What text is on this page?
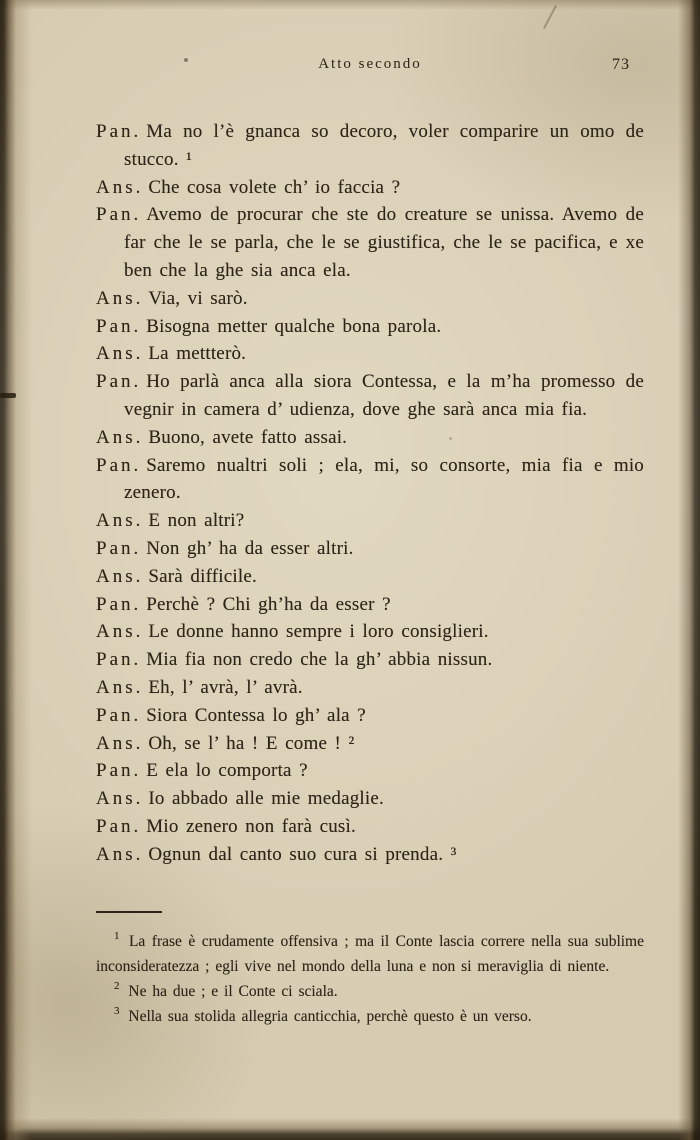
Atto secondo	73

Pan. Ma no l’è gnanca so decoro, voler comparire un omo de stucco. ¹

Ans. Che cosa volete ch’ io faccia ?

Pan. Avemo de procurar che ste do creature se unissa. Avemo de far che le se parla, che le se giustifica, che le se pacifica, e xe ben che la ghe sia anca ela.

Ans. Via, vi sarò.

Pan. Bisogna metter qualche bona parola.

Ans. La mettterò.

Pan. Ho parlà anca alla siora Contessa, e la m’ha promesso de vegnir in camera d’ udienza, dove ghe sarà anca mia fia.

Ans. Buono, avete fatto assai.

Pan. Saremo nualtri soli ; ela, mi, so consorte, mia fia e mio zenero.

Ans. E non altri?

Pan. Non gh’ ha da esser altri.

Ans. Sarà difficile.

Pan. Perchè ? Chi gh’ha da esser ?

Ans. Le donne hanno sempre i loro consiglieri.

Pan. Mia fia non credo che la gh’ abbia nissun.

Ans. Eh, l’ avrà, l’ avrà.

Pan. Siora Contessa lo gh’ ala ?

Ans. Oh, se l’ ha ! E come ! ²

Pan. E ela lo comporta ?

Ans. Io abbado alle mie medaglie.

Pan. Mio zenero non farà cusì.

Ans. Ognun dal canto suo cura si prenda. ³

$^1$ La frase è crudamente offensiva ; ma il Conte lascia correre nella sua sublime inconsideratezza ; egli vive nel mondo della luna e non si meraviglia di niente.

$^2$ Ne ha due ; e il Conte ci sciala.

$^3$ Nella sua stolida allegria canticchia, perchè questo è un verso.
